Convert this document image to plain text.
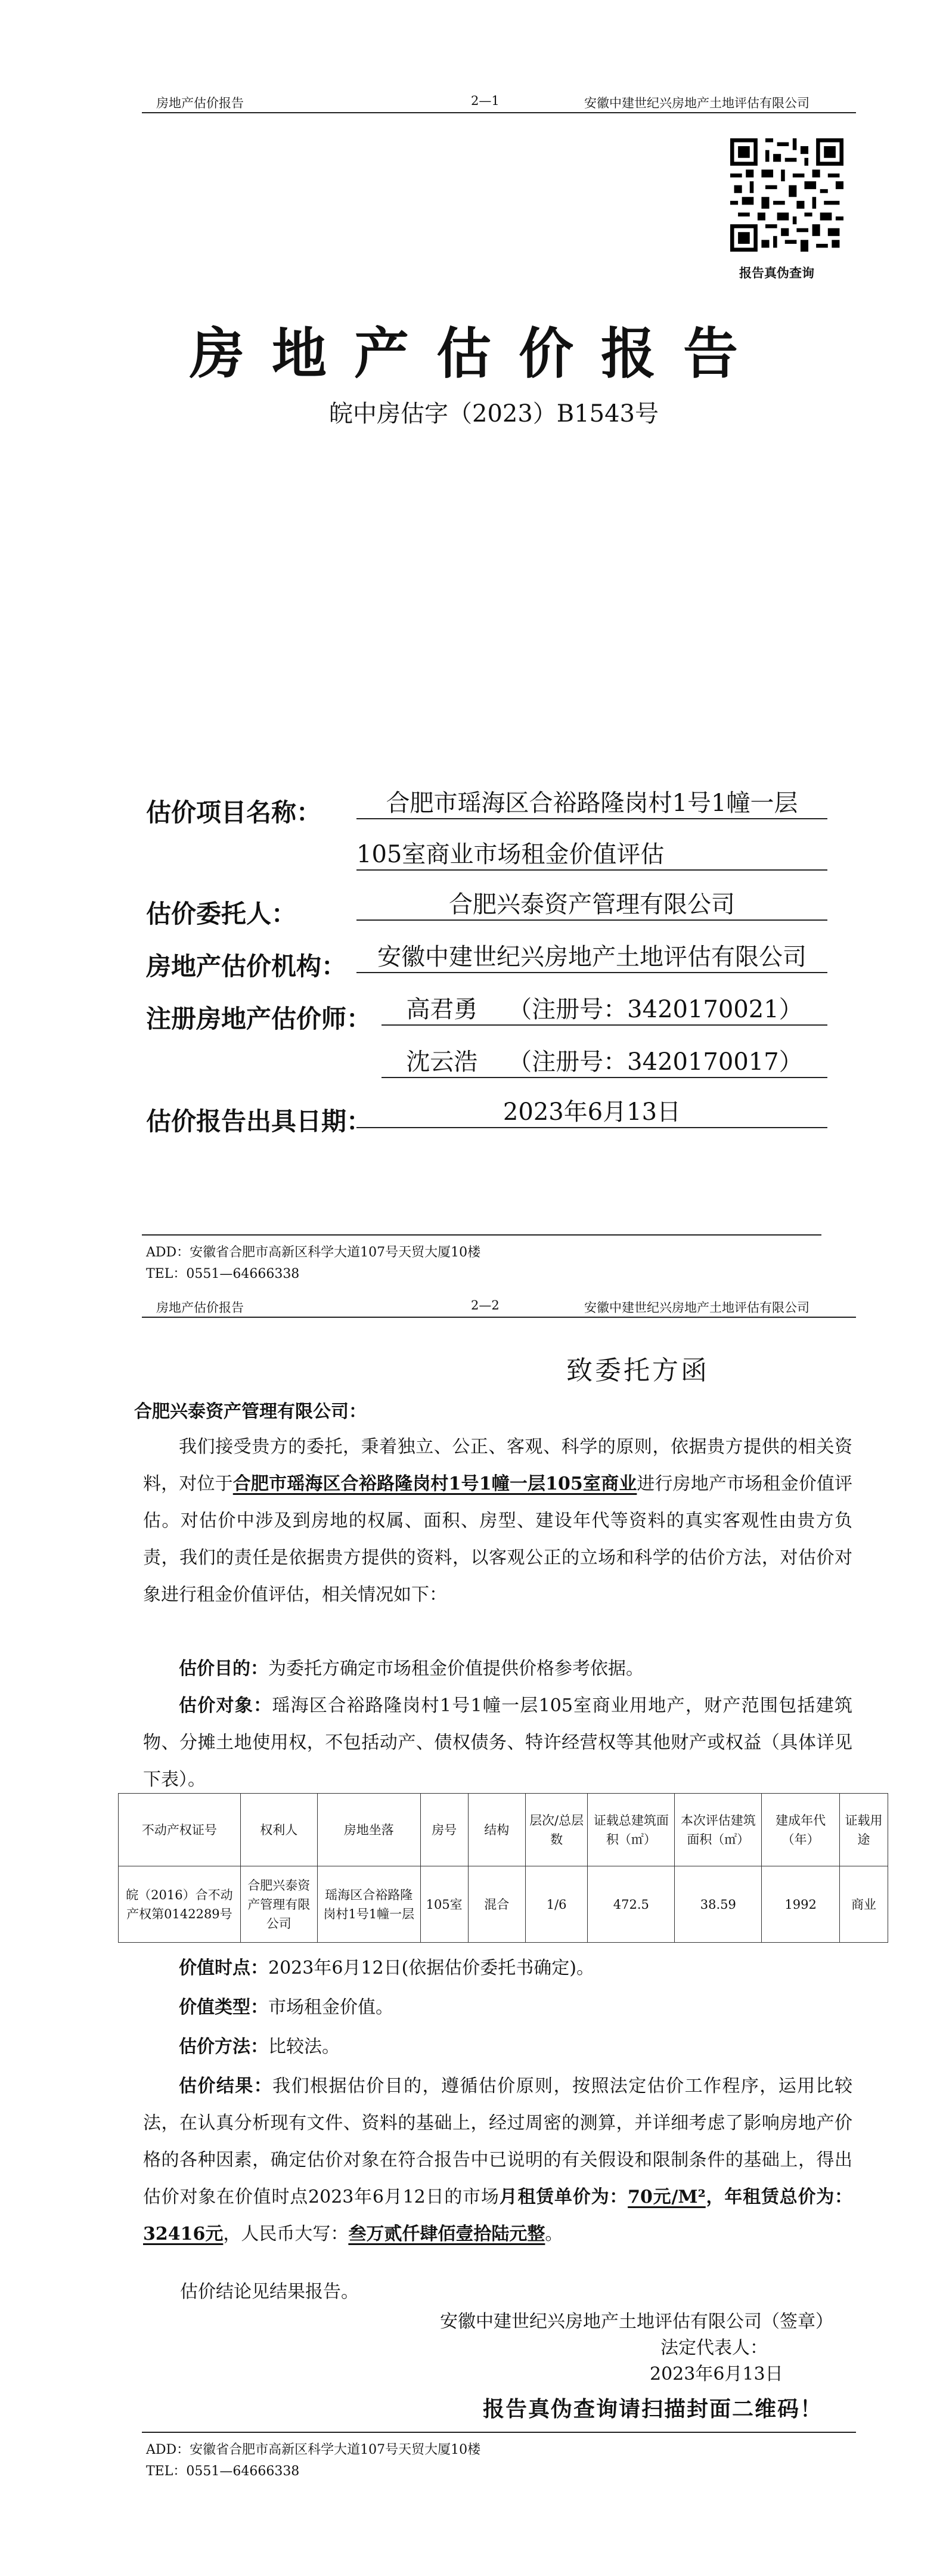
房地产估价报告	2—1	安徽中建世纪兴房地产土地评估有限公司
报告真伪查询
房地产估价报告
皖中房估字（2023）B1543号
估价项目名称：	合肥市瑶海区合裕路隆岗村1号1幢一层
105室商业市场租金价值评估
估价委托人：	合肥兴泰资产管理有限公司
房地产估价机构：	安徽中建世纪兴房地产土地评估有限公司
注册房地产估价师：	高君勇    （注册号：3420170021）
沈云浩    （注册号：3420170017）
估价报告出具日期：	2023年6月13日
ADD：安徽省合肥市高新区科学大道107号天贸大厦10楼
TEL：0551—64666338
房地产估价报告	2—2	安徽中建世纪兴房地产土地评估有限公司
致委托方函
合肥兴泰资产管理有限公司：
我们接受贵方的委托，秉着独立、公正、客观、科学的原则，依据贵方提供的相关资料，对位于合肥市瑶海区合裕路隆岗村1号1幢一层105室商业进行房地产市场租金价值评估。对估价中涉及到房地的权属、面积、房型、建设年代等资料的真实客观性由贵方负责，我们的责任是依据贵方提供的资料，以客观公正的立场和科学的估价方法，对估价对象进行租金价值评估，相关情况如下：
估价目的：为委托方确定市场租金价值提供价格参考依据。
估价对象：瑶海区合裕路隆岗村1号1幢一层105室商业用地产，财产范围包括建筑物、分摊土地使用权，不包括动产、债权债务、特许经营权等其他财产或权益（具体详见下表）。
不动产权证号	权利人	房地坐落	房号	结构	层次/总层数	证载总建筑面积（㎡）	本次评估建筑面积（㎡）	建成年代（年）	证载用途
皖（2016）合不动产权第0142289号	合肥兴泰资产管理有限公司	瑶海区合裕路隆岗村1号1幢一层	105室	混合	1/6	472.5	38.59	1992	商业
价值时点：2023年6月12日(依据估价委托书确定)。
价值类型：市场租金价值。
估价方法：比较法。
估价结果：我们根据估价目的，遵循估价原则，按照法定估价工作程序，运用比较法，在认真分析现有文件、资料的基础上，经过周密的测算，并详细考虑了影响房地产价格的各种因素，确定估价对象在符合报告中已说明的有关假设和限制条件的基础上，得出估价对象在价值时点2023年6月12日的市场月租赁单价为：70元/M²，年租赁总价为：32416元，人民币大写：叁万贰仟肆佰壹拾陆元整。
估价结论见结果报告。
安徽中建世纪兴房地产土地评估有限公司（签章）
法定代表人：
2023年6月13日
报告真伪查询请扫描封面二维码！
ADD：安徽省合肥市高新区科学大道107号天贸大厦10楼
TEL：0551—64666338
